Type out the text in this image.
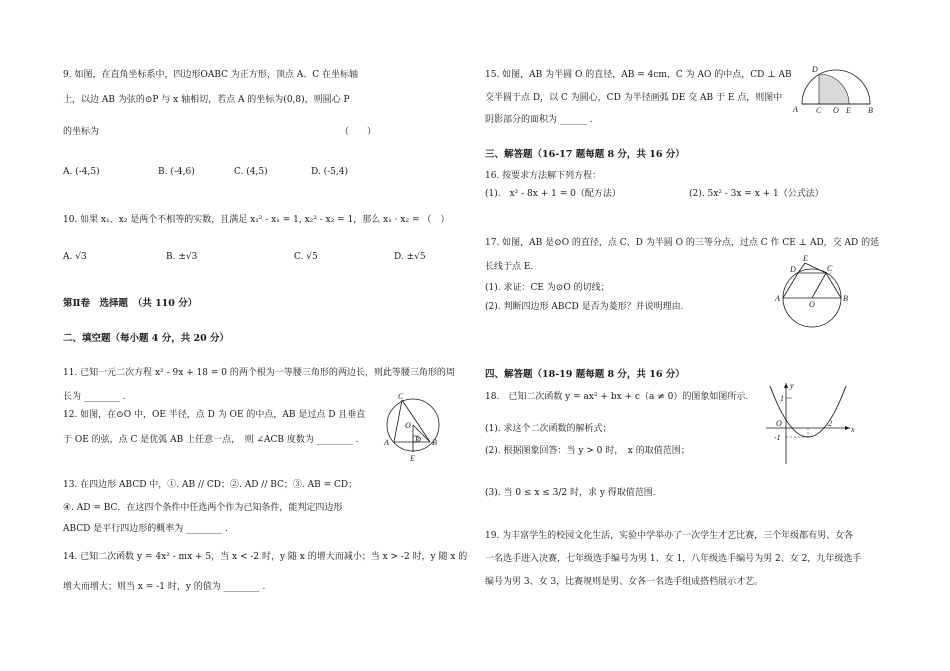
9. 如图，在直角坐标系中，四边形OABC 为正方形，顶点 A、C 在坐标轴
上，以边 AB 为弦的⊙P 与 x 轴相切，若点 A 的坐标为(0,8)，则圆心 P
的坐标为	（　　）
A. (-4,5)	B. (-4,6)	C. (4,5)	D. (-5,4)
10. 如果 x₁、x₂ 是两个不相等的实数，且满足 x₁² - x₁ = 1, x₂² - x₂ = 1，那么 x₁ · x₂ = （　）
A. √3	B. ±√3	C. √5	D. ±√5
第Ⅱ卷　选择题　（共 110 分）
二、填空题（每小题 4 分，共 20 分）
11. 已知一元二次方程 x² - 9x + 18 = 0 的两个根为一等腰三角形的两边长，则此等腰三角形的周
长为 ________ .
12. 如图，在⊙O 中，OE 半径，点 D 为 OE 的中点，AB 是过点 D 且垂直
于 OE 的弦，点 C 是优弧 AB 上任意一点，　则 ∠ACB 度数为 ________ .
C
O
A	B
D
E
13. 在四边形 ABCD 中，①. AB // CD；②. AD // BC；③. AB = CD；
④. AD = BC．在这四个条件中任选两个作为已知条件，能判定四边形
ABCD 是平行四边形的概率为 ________ .
14. 已知二次函数 y = 4x² - mx + 5，当 x < -2 时，y 随 x 的增大而减小；当 x > -2 时，y 随 x 的
增大而增大；则当 x = -1 时，y 的值为 ________ .
15. 如图，AB 为半圆 O 的直径，AB = 4cm，C 为 AO 的中点，CD ⊥ AB
交半圆于点 D，以 C 为圆心，CD 为半径画弧 DE 交 AB 于 E 点，则图中
阴影部分的面积为 ______ .
D
A C O E B
三、解答题（16-17 题每题 8 分，共 16 分）
16. 按要求方法解下列方程：
(1).　x² - 8x + 1 = 0（配方法）	(2). 5x² - 3x = x + 1（公式法）
17. 如图，AB 是⊙O 的直径，点 C、D 为半圆 O 的三等分点，过点 C 作 CE ⊥ AD，交 AD 的延
长线于点 E．
(1). 求证：CE 为⊙O 的切线；
(2). 判断四边形 ABCD 是否为菱形？并说明理由.
E
D	C
A	B
O
四、解答题（18-19 题每题 8 分，共 16 分）
18.　已知二次函数 y = ax² + bx + c（a ≠ 0）的图象如图所示.
(1). 求这个二次函数的解析式；
(2). 根据图象回答：当 y > 0 时，　x 的取值范围；
(3). 当 0 ≤ x ≤ 3/2 时，求 y 得取值范围.
y
x
O
1
2
-1
19. 为丰富学生的校园文化生活，实验中学举办了一次学生才艺比赛，三个年级都有男、女各
一名选手进入决赛，七年级选手编号为男 1、女 1，八年级选手编号为男 2、女 2，九年级选手
编号为男 3、女 3，比赛规则是男、女各一名选手组成搭档展示才艺。
